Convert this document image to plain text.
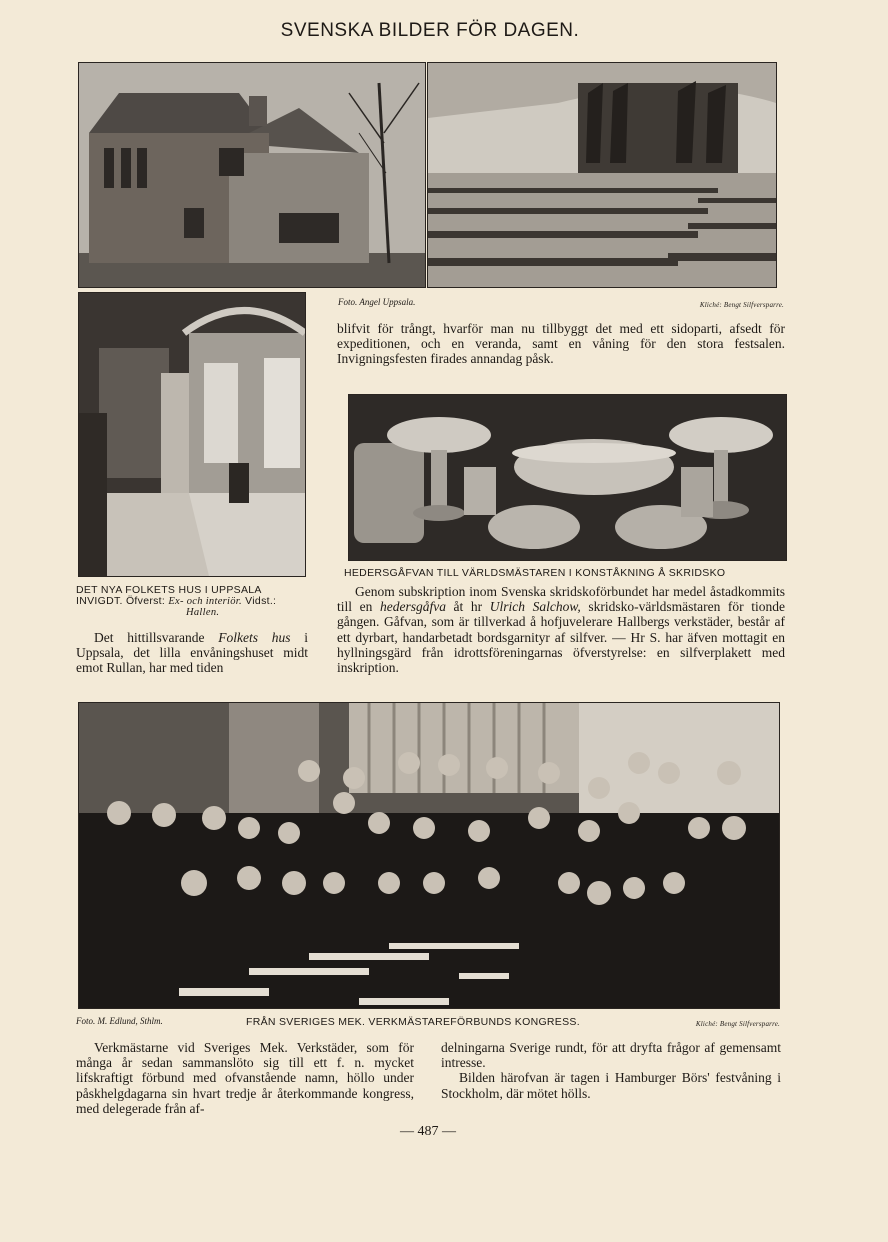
SVENSKA BILDER FÖR DAGEN.
Foto. Angel Uppsala.	Kliché: Bengt Silfversparre.
blifvit för trångt, hvarför man nu tillbyggt det med ett sidoparti, afsedt för expeditionen, och en veranda, samt en våning för den stora festsalen. Invigningsfesten firades annandag påsk.
HEDERSGÅFVAN TILL VÄRLDSMÄSTAREN I KONSTÅKNING Å SKRIDSKO
DET NYA FOLKETS HUS I UPPSALA
INVIGDT. Öfverst: Ex- och interiör. Vidst.:
Hallen.

Det hittillsvarande Folkets hus i Uppsala, det lilla envåningshuset midt emot Rullan, har med tiden

Genom subskription inom Svenska skridskoförbundet har medel åstadkommits till en hedersgåfva åt hr Ulrich Salchow, skridsko-världsmästaren för tionde gången. Gåfvan, som är tillverkad å hofjuvelerare Hallbergs verkstäder, består af ett dyrbart, handarbetadt bordsgarnityr af silfver. — Hr S. har äfven mottagit en hyllningsgärd från idrottsföreningarnas öfverstyrelse: en silfverplakett med inskription.

Foto. M. Edlund, Sthlm.	FRÅN SVERIGES MEK. VERKMÄSTAREFÖRBUNDS KONGRESS.	Kliché: Bengt Silfversparre.

Verkmästarne vid Sveriges Mek. Verkstäder, som för många år sedan sammanslöto sig till ett f. n. mycket lifskraftigt förbund med ofvanstående namn, höllo under påskhelgdagarna sin hvart tredje år återkommande kongress, med delegerade från af-

delningarna Sverige rundt, för att dryfta frågor af gemensamt intresse.

Bilden härofvan är tagen i Hamburger Börs' festvåning i Stockholm, där mötet hölls.

— 487 —
